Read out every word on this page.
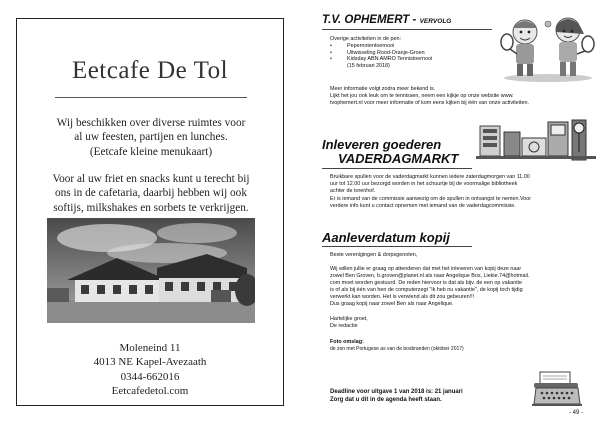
Eetcafe De Tol
Wij beschikken over diverse ruimtes voor
al uw feesten, partijen en lunches.
(Eetcafe kleine menukaart)
Voor al uw friet en snacks kunt u terecht bij
ons in de cafetaria, daarbij hebben wij ook
softijs, milkshakes en sorbets te verkrijgen.
Moleneind 11
4013 NE Kapel-Avezaath
0344-662016
Eetcafedetol.com
T.V. OPHEMERT - VERVOLG
Overige activiteiten in de pen:
•	Pepernotentoernooi
•	Uitwisseling Rood-Oranje-Groen
•	Kidsday ABN AMRO Tennistoernooi
(15 februari 2018)
Meer informatie volgt zodra meer bekend is.
Lijkt het jou ook leuk om te tennissen, neem een kijkje op onze website www.
tvophemert.nl voor meer informatie of kom eens kijken bij één van onze activiteiten.
Inleveren goederen
VADERDAGMARKT
Bruikbare spullen voor de vaderdagmarkt kunnen iedere zaterdagmorgen van 11.00
uur tot 12.00 uur bezorgd worden in het schuurtje bij de voormalige bibliotheek
achter de torenhof.
Er is iemand van de commissie aanwezig om de spullen in ontvangst te nemen.Voor
verdere info kunt u contact opnemen met iemand van de vaderdagcommissie.
Aanleverdatum kopij
Beste verenigingen & dorpsgenoten,
Wij willen jullie er graag op attenderen dat met het inleveren van kopij deze naar
zowel Ben Groven, b.groven@planet.nl als naar Angelique Bos, Liekie.74@hotmail.
com moet worden gestuurd. De reden hiervoor is dat als bijv. de een op vakantie
is of als bij één van hen de computerzegt "ik heb nu vakantie", de kopij toch tijdig
verwerkt kan worden. Het is verwiend als dit zou gebeuren!!!
Dus graag kopij naar zowel Ben als naar Angelique.
Hartelijke groet,
De redactie
Foto omslag:
de zon met Portugese as van de bosbranden (oktober 2017)
Deadline voor uitgave 1 van 2018 is: 21 januari
Zorg dat u dit in de agenda heeft staan.
- 49 -
